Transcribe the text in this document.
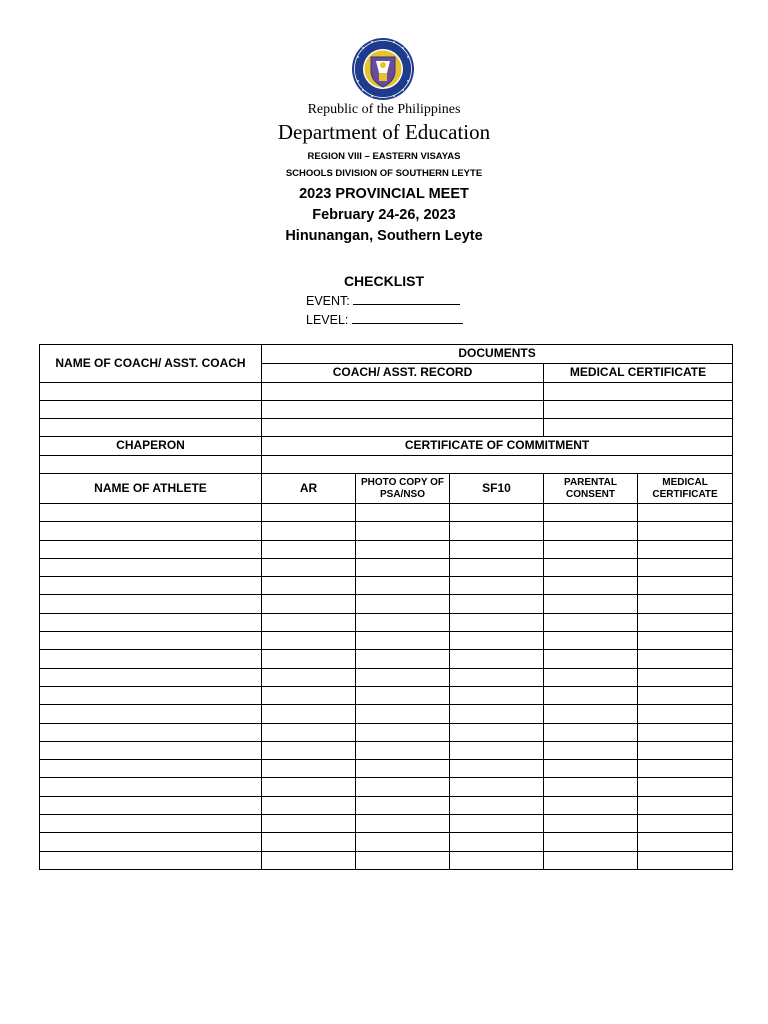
Republic of the Philippines
Department of Education
REGION VIII – EASTERN VISAYAS
SCHOOLS DIVISION OF SOUTHERN LEYTE
2023 PROVINCIAL MEET
February 24-26, 2023
Hinunangan, Southern Leyte
CHECKLIST
EVENT:
LEVEL:
NAME OF COACH/ ASST. COACH	DOCUMENTS				
	COACH/ ASST. RECORD			MEDICAL CERTIFICATE	

CHAPERON	CERTIFICATE OF COMMITMENT				

NAME OF ATHLETE	AR	PHOTO COPY OF PSA/NSO	SF10	PARENTAL CONSENT	MEDICAL CERTIFICATE
